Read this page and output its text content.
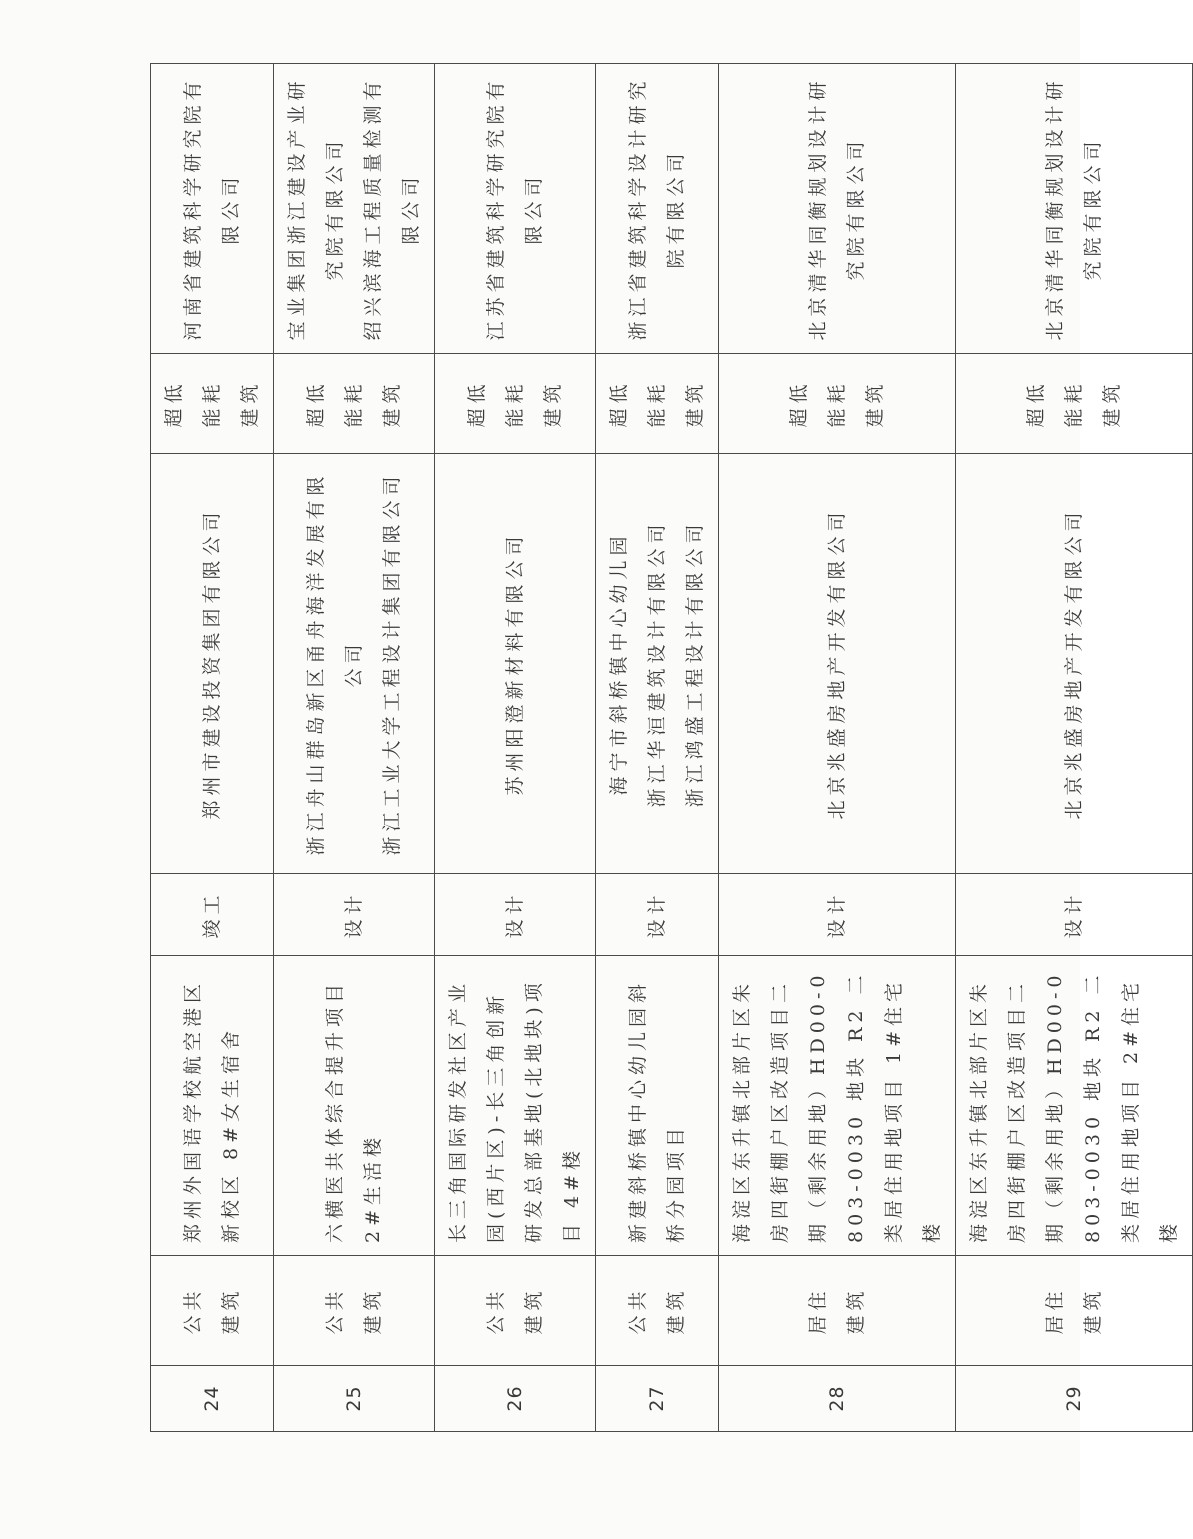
24	公共建筑	郑州外国语学校航空港区新校区 8#女生宿舍	竣工	郑州市建设投资集团有限公司	超低能耗建筑	河南省建筑科学研究院有限公司

25	公共建筑	六横医共体综合提升项目 2#生活楼	设计	浙江舟山群岛新区甬舟海洋发展有限公司 浙江工业大学工程设计集团有限公司	超低能耗建筑	宝业集团浙江建设产业研究院有限公司 绍兴滨海工程质量检测有限公司

26	公共建筑	长三角国际研发社区产业园(西片区)-长三角创新研发总部基地(北地块)项目 4#楼	设计	苏州阳澄新材料有限公司	超低能耗建筑	江苏省建筑科学研究院有限公司

27	公共建筑	新建斜桥镇中心幼儿园斜桥分园项目	设计	海宁市斜桥镇中心幼儿园 浙江华洹建筑设计有限公司 浙江鸿盛工程设计有限公司	超低能耗建筑	浙江省建筑科学设计研究院有限公司

28	居住建筑	海淀区东升镇北部片区朱房四街棚户区改造项目二期（剩余用地）HD00-0803-0030 地块 R2 二类居住用地项目 1#住宅楼	设计	北京兆盛房地产开发有限公司	超低能耗建筑	北京清华同衡规划设计研究院有限公司

29	居住建筑	海淀区东升镇北部片区朱房四街棚户区改造项目二期（剩余用地）HD00-0803-0030 地块 R2 二类居住用地项目 2#住宅楼	设计	北京兆盛房地产开发有限公司	超低能耗建筑	北京清华同衡规划设计研究院有限公司
